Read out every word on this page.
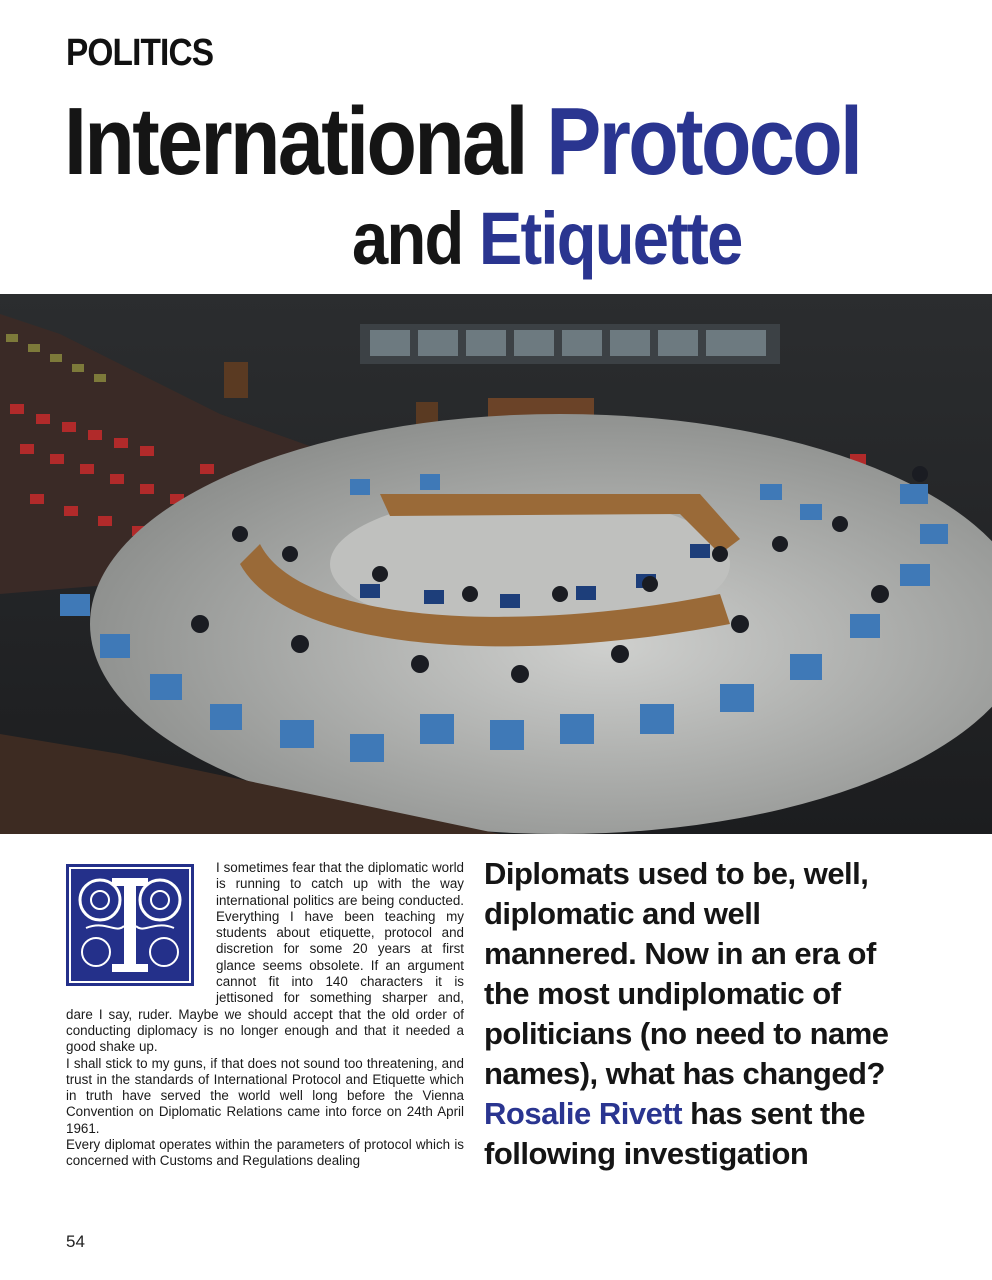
POLITICS
International Protocol
and Etiquette

I sometimes fear that the diplomatic world is running to catch up with the way international politics are being conducted. Everything I have been teaching my students about etiquette, protocol and discretion for some 20 years at first glance seems obsolete. If an argument cannot fit into 140 characters it is jettisoned for something sharper and, dare I say, ruder. Maybe we should accept that the old order of conducting diplomacy is no longer enough and that it needed a good shake up.

I shall stick to my guns, if that does not sound too threatening, and trust in the standards of International Protocol and Etiquette which in truth have served the world well long before the Vienna Convention on Diplomatic Relations came into force on 24th April 1961.

Every diplomat operates within the parameters of protocol which is concerned with Customs and Regulations dealing

Diplomats used to be, well, diplomatic and well mannered. Now in an era of the most undiplomatic of politicians (no need to name names), what has changed? Rosalie Rivett has sent the following investigation
54
